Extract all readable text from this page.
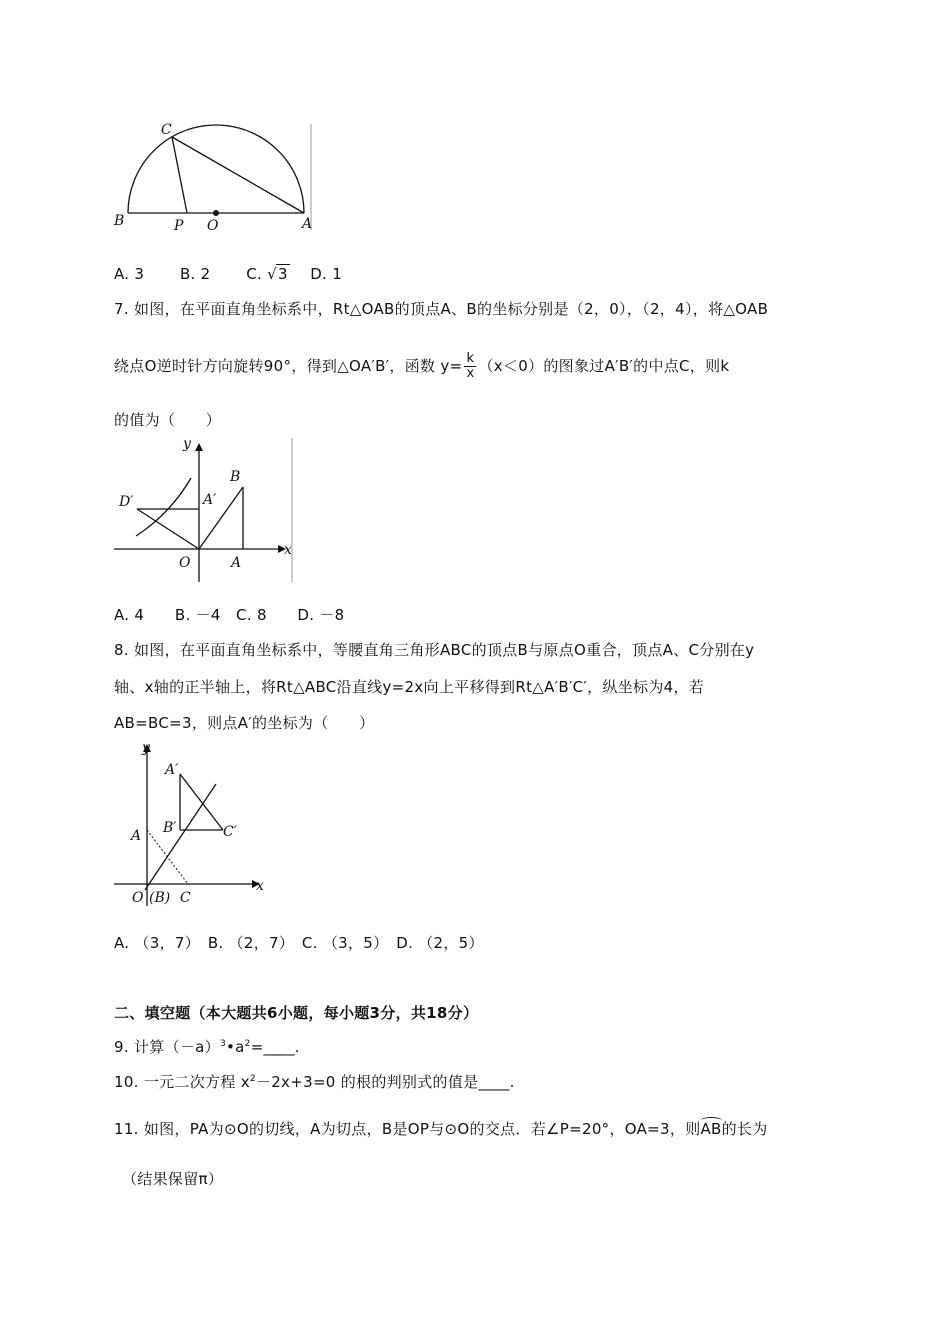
C
B	P O	A
A. 3　　 B. 2　　 C. √3　 D. 1
7. 如图，在平面直角坐标系中，Rt△OAB的顶点A、B的坐标分别是（2，0），（2，4），将△OAB
绕点O逆时针方向旋转90°，得到△OA′B′，函数 $y= \frac{k}{x} (x<0)$的图象过A′B′的中点C，则k
的值为（　　）
y
x
D′	A′
B
O	A
A. 4　　B. －4　C. 8　　D. －8
8. 如图，在平面直角坐标系中，等腰直角三角形ABC的顶点B与原点O重合，顶点A、C分别在y
轴、x轴的正半轴上，将Rt△ABC沿直线y=2x向上平移得到Rt△A′B′C′，纵坐标为4，若
AB=BC=3，则点A′的坐标为（　　）
y
x
A′
B′	C′
A
O (B) C
A. （3，7）　B. （2，7）　C. （3，5）　D. （2，5）
二、填空题（本大题共6小题，每小题3分，共18分）
9. 计算$(-a)^3•a^2=\_\_\_\_$.
10. 一元二次方程 $x^2-2x+3=0$ 的根的判别式的值是____.
11. 如图，PA为⊙O的切线，A为切点，B是OP与⊙O的交点．若∠P=20°，OA=3，则AB的长为
（结果保留π）
